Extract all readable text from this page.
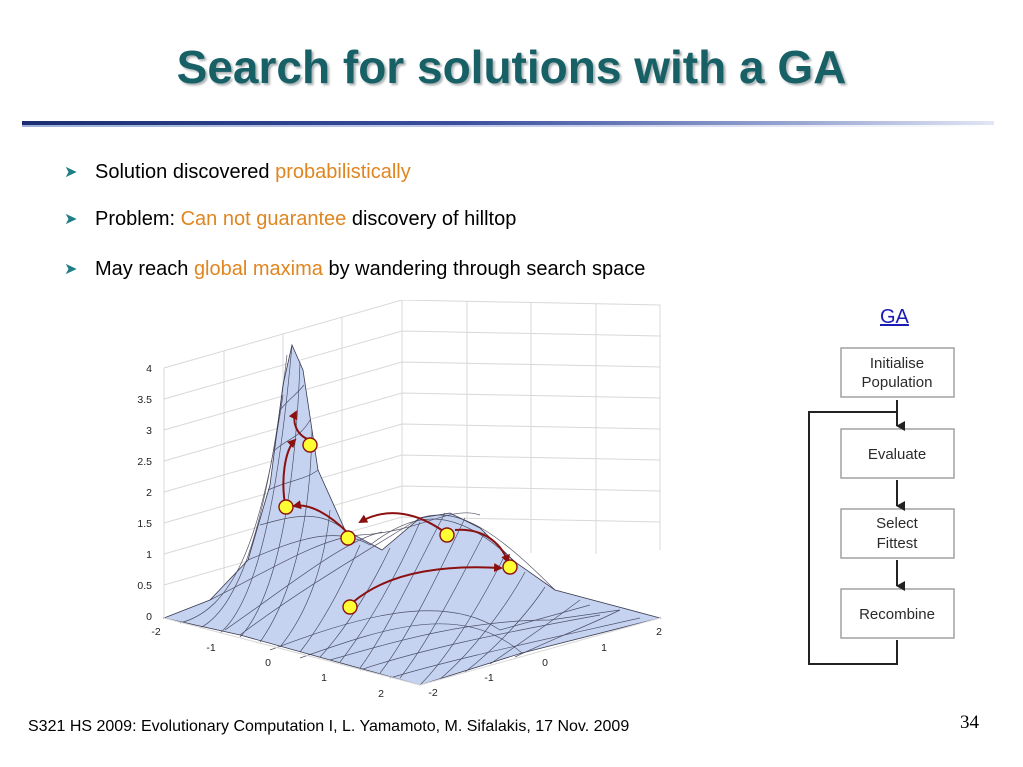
Search for solutions with a GA
➤ Solution discovered probabilistically
➤ Problem: Can not guarantee discovery of hilltop
➤ May reach global maxima by wandering through search space
GA
4
3.5
3
2.5
2
1.5
1
0.5
0
-2
-1
0
1
2
2
1
0
-1
-2
Initialise
Population
Evaluate
Select
Fittest
Recombine
S321 HS 2009: Evolutionary Computation I, L. Yamamoto, M. Sifalakis, 17 Nov. 2009	34
